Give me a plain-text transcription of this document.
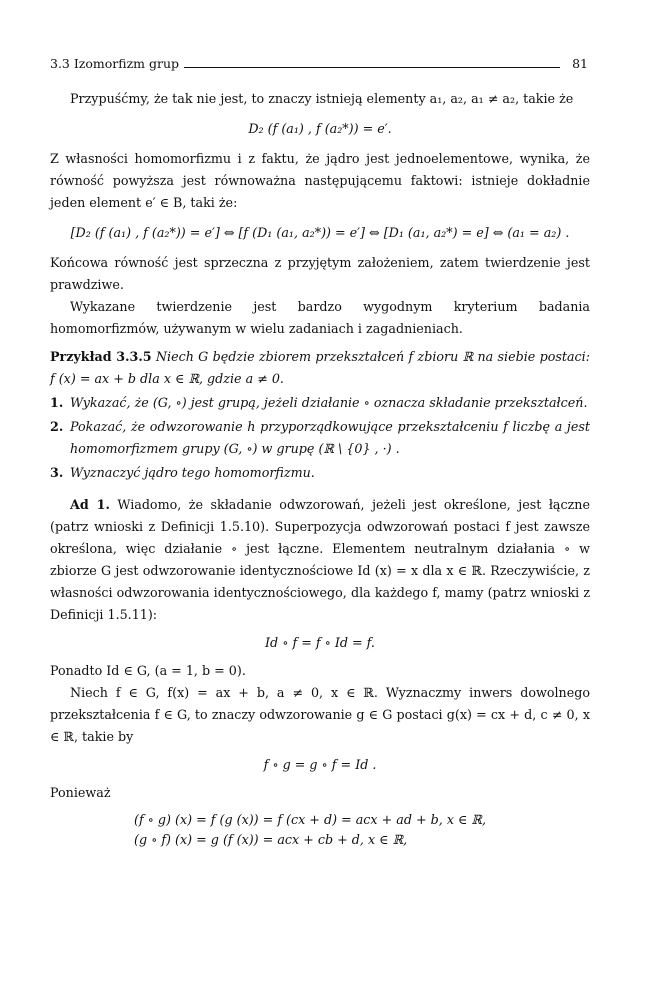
3.3 Izomorfizm grup	81

Przypuśćmy, że tak nie jest, to znaczy istnieją elementy a₁, a₂, a₁ ≠ a₂, takie że

D₂ (f (a₁) , f (a₂*)) = e′.

Z własności homomorfizmu i z faktu, że jądro jest jednoelementowe, wynika, że równość powyższa jest równoważna następującemu faktowi: istnieje dokładnie jeden element e′ ∈ B, taki że:

[D₂ (f (a₁) , f (a₂*)) = e′] ⇔ [f (D₁ (a₁, a₂*)) = e′] ⇔ [D₁ (a₁, a₂*) = e] ⇔ (a₁ = a₂) .

Końcowa równość jest sprzeczna z przyjętym założeniem, zatem twierdzenie jest prawdziwe.

Wykazane twierdzenie jest bardzo wygodnym kryterium badania homomorfizmów, używanym w wielu zadaniach i zagadnieniach.

Przykład 3.3.5 Niech G będzie zbiorem przekształceń f zbioru ℝ na siebie postaci: f (x) = ax + b dla x ∈ ℝ, gdzie a ≠ 0.

1. Wykazać, że (G, ∘) jest grupą, jeżeli działanie ∘ oznacza składanie przekształceń.
2. Pokazać, że odwzorowanie h przyporządkowujące przekształceniu f liczbę a jest homomorfizmem grupy (G, ∘) w grupę (ℝ \ {0} , ·) .
3. Wyznaczyć jądro tego homomorfizmu.

Ad 1. Wiadomo, że składanie odwzorowań, jeżeli jest określone, jest łączne (patrz wnioski z Definicji 1.5.10). Superpozycja odwzorowań postaci f jest zawsze określona, więc działanie ∘ jest łączne. Elementem neutralnym działania ∘ w zbiorze G jest odwzorowanie identycznościowe Id (x) = x dla x ∈ ℝ. Rzeczywiście, z własności odwzorowania identycznościowego, dla każdego f, mamy (patrz wnioski z Definicji 1.5.11):

Id ∘ f = f ∘ Id = f.

Ponadto Id ∈ G, (a = 1, b = 0).

Niech f ∈ G, f(x) = ax + b, a ≠ 0, x ∈ ℝ. Wyznaczmy inwers dowolnego przekształcenia f ∈ G, to znaczy odwzorowanie g ∈ G postaci g(x) = cx + d, c ≠ 0, x ∈ ℝ, takie by

f ∘ g = g ∘ f = Id .

Ponieważ

(f ∘ g) (x) = f (g (x)) = f (cx + d) = acx + ad + b, x ∈ ℝ,
(g ∘ f) (x) = g (f (x)) = acx + cb + d, x ∈ ℝ,
